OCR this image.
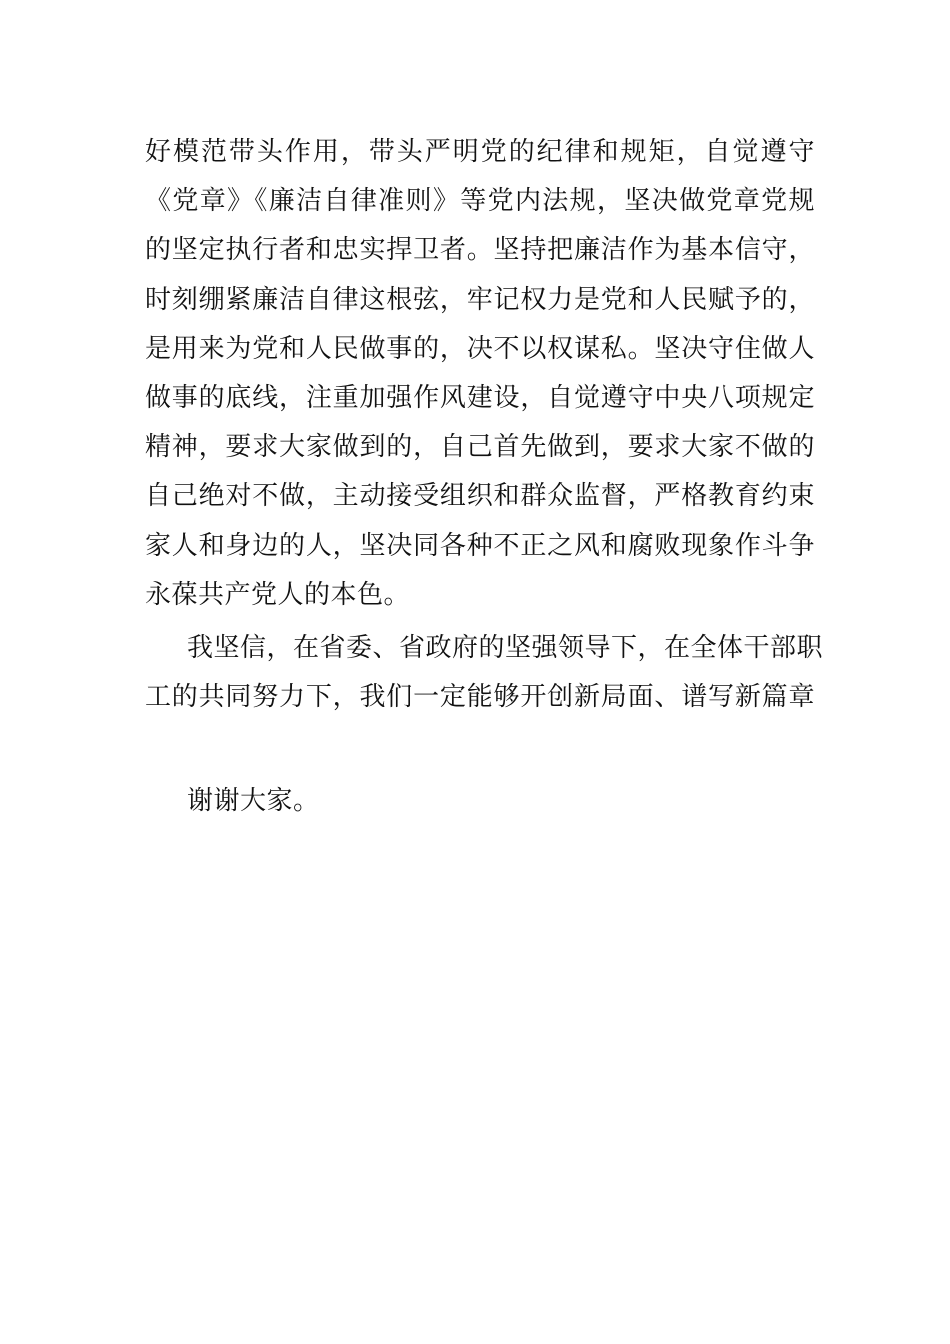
好模范带头作用，带头严明党的纪律和规矩，自觉遵守
《党章》《廉洁自律准则》等党内法规，坚决做党章党规
的坚定执行者和忠实捍卫者。坚持把廉洁作为基本信守，
时刻绷紧廉洁自律这根弦，牢记权力是党和人民赋予的，
是用来为党和人民做事的，决不以权谋私。坚决守住做人
做事的底线，注重加强作风建设，自觉遵守中央八项规定
精神，要求大家做到的，自己首先做到，要求大家不做的
自己绝对不做，主动接受组织和群众监督，严格教育约束
家人和身边的人，坚决同各种不正之风和腐败现象作斗争
永葆共产党人的本色。
我坚信，在省委、省政府的坚强领导下，在全体干部职
工的共同努力下，我们一定能够开创新局面、谱写新篇章
谢谢大家。
